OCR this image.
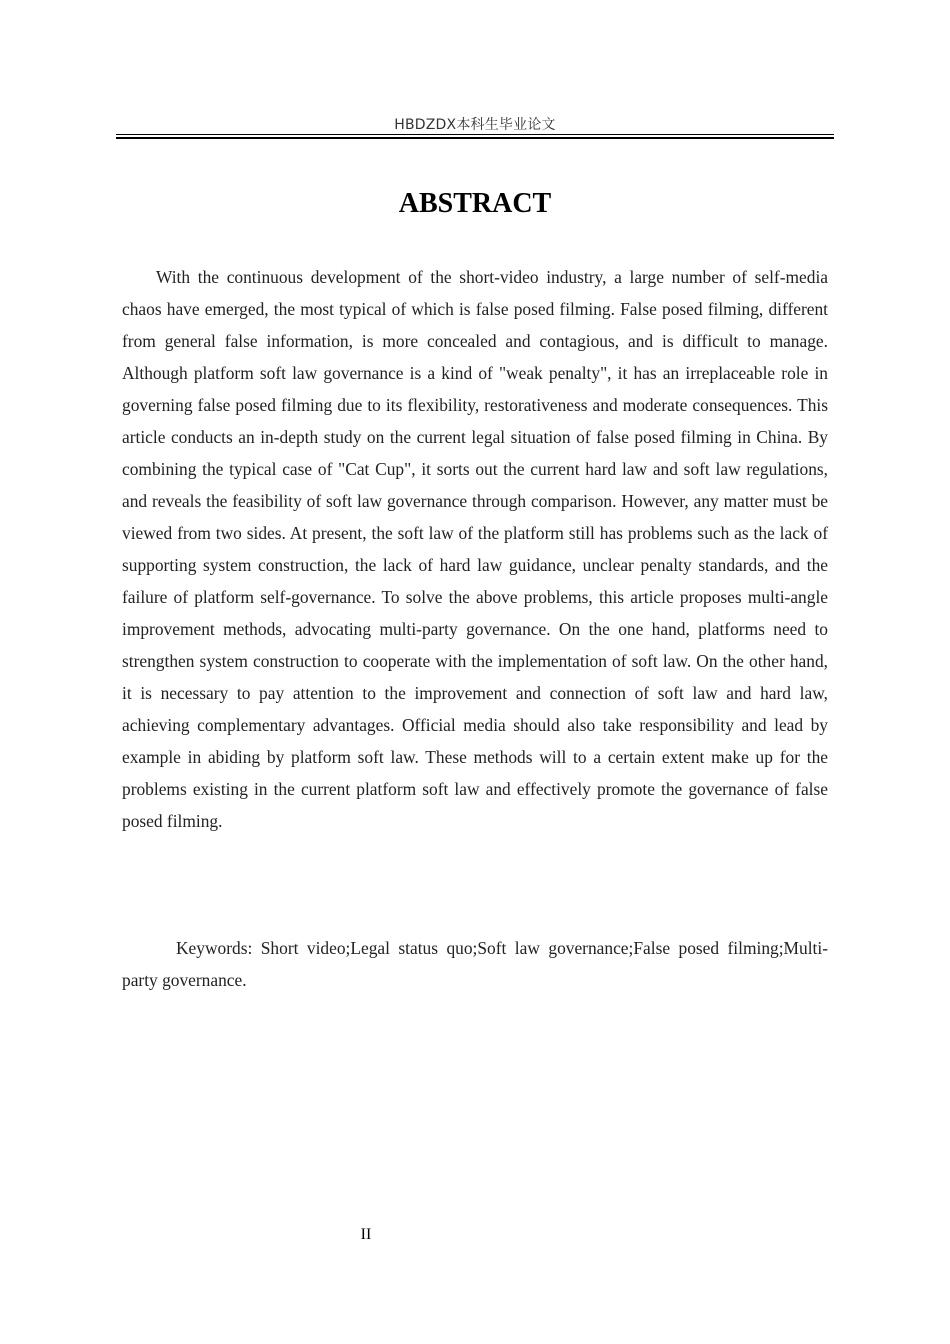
HBDZDX本科生毕业论文
ABSTRACT

With the continuous development of the short-video industry, a large number of self-media chaos have emerged, the most typical of which is false posed filming. False posed filming, different from general false information, is more concealed and contagious, and is difficult to manage. Although platform soft law governance is a kind of "weak penalty", it has an irreplaceable role in governing false posed filming due to its flexibility, restorativeness and moderate consequences. This article conducts an in-depth study on the current legal situation of false posed filming in China. By combining the typical case of "Cat Cup", it sorts out the current hard law and soft law regulations, and reveals the feasibility of soft law governance through comparison. However, any matter must be viewed from two sides. At present, the soft law of the platform still has problems such as the lack of supporting system construction, the lack of hard law guidance, unclear penalty standards, and the failure of platform self-governance. To solve the above problems, this article proposes multi-angle improvement methods, advocating multi-party governance. On the one hand, platforms need to strengthen system construction to cooperate with the implementation of soft law. On the other hand, it is necessary to pay attention to the improvement and connection of soft law and hard law, achieving complementary advantages. Official media should also take responsibility and lead by example in abiding by platform soft law. These methods will to a certain extent make up for the problems existing in the current platform soft law and effectively promote the governance of false posed filming.

Keywords: Short video;Legal status quo;Soft law governance;False posed filming;Multi-party governance.

II
